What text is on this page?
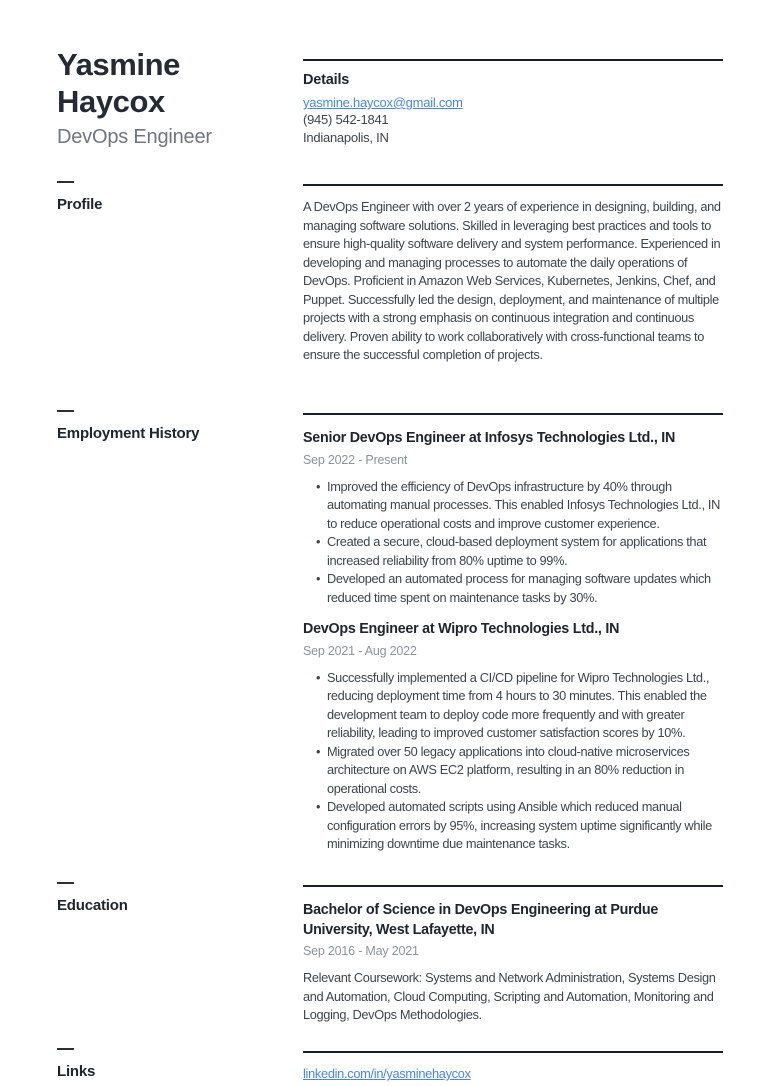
Yasmine Haycox
DevOps Engineer
Details
yasmine.haycox@gmail.com
(945) 542-1841
Indianapolis, IN
Profile	A DevOps Engineer with over 2 years of experience in designing, building, and managing software solutions. Skilled in leveraging best practices and tools to ensure high-quality software delivery and system performance. Experienced in developing and managing processes to automate the daily operations of DevOps. Proficient in Amazon Web Services, Kubernetes, Jenkins, Chef, and Puppet. Successfully led the design, deployment, and maintenance of multiple projects with a strong emphasis on continuous integration and continuous delivery. Proven ability to work collaboratively with cross-functional teams to ensure the successful completion of projects.

Employment History	Senior DevOps Engineer at Infosys Technologies Ltd., IN
Sep 2022 - Present
• Improved the efficiency of DevOps infrastructure by 40% through automating manual processes. This enabled Infosys Technologies Ltd., IN to reduce operational costs and improve customer experience.
• Created a secure, cloud-based deployment system for applications that increased reliability from 80% uptime to 99%.
• Developed an automated process for managing software updates which reduced time spent on maintenance tasks by 30%.
DevOps Engineer at Wipro Technologies Ltd., IN
Sep 2021 - Aug 2022
• Successfully implemented a CI/CD pipeline for Wipro Technologies Ltd., reducing deployment time from 4 hours to 30 minutes. This enabled the development team to deploy code more frequently and with greater reliability, leading to improved customer satisfaction scores by 10%.
• Migrated over 50 legacy applications into cloud-native microservices architecture on AWS EC2 platform, resulting in an 80% reduction in operational costs.
• Developed automated scripts using Ansible which reduced manual configuration errors by 95%, increasing system uptime significantly while minimizing downtime due maintenance tasks.
Education	Bachelor of Science in DevOps Engineering at Purdue University, West Lafayette, IN
Sep 2016 - May 2021

Relevant Coursework: Systems and Network Administration, Systems Design and Automation, Cloud Computing, Scripting and Automation, Monitoring and Logging, DevOps Methodologies.

Links	linkedin.com/in/yasminehaycox
